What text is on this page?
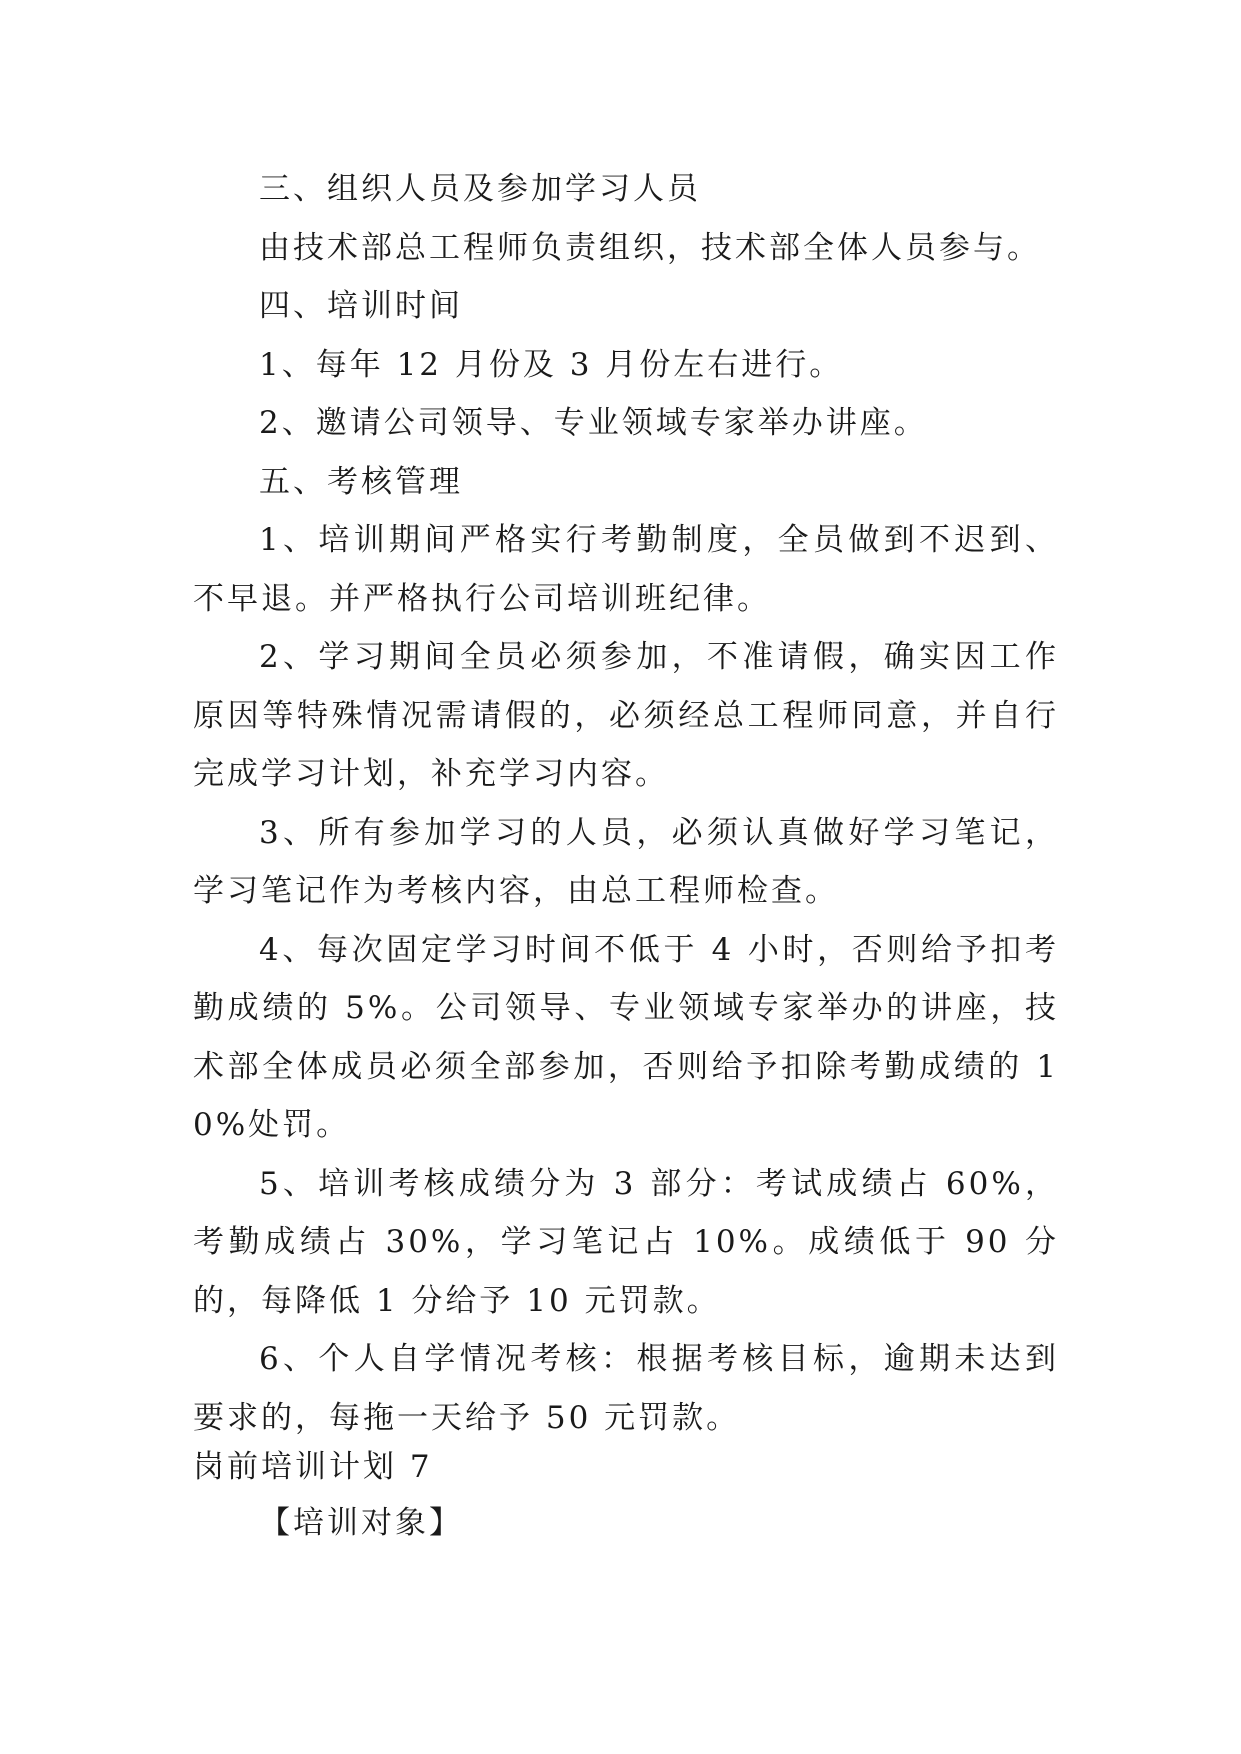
三、组织人员及参加学习人员

由技术部总工程师负责组织，技术部全体人员参与。

四、培训时间

1、每年 12 月份及 3 月份左右进行。

2、邀请公司领导、专业领域专家举办讲座。

五、考核管理

1、培训期间严格实行考勤制度，全员做到不迟到、不早退。并严格执行公司培训班纪律。

2、学习期间全员必须参加，不准请假，确实因工作原因等特殊情况需请假的，必须经总工程师同意，并自行完成学习计划，补充学习内容。

3、所有参加学习的人员，必须认真做好学习笔记，学习笔记作为考核内容，由总工程师检查。

4、每次固定学习时间不低于 4 小时，否则给予扣考勤成绩的 5%。公司领导、专业领域专家举办的讲座，技术部全体成员必须全部参加，否则给予扣除考勤成绩的 10%处罚。

5、培训考核成绩分为 3 部分：考试成绩占 60%，考勤成绩占 30%，学习笔记占 10%。成绩低于 90 分的，每降低 1 分给予 10 元罚款。

6、个人自学情况考核：根据考核目标，逾期未达到要求的，每拖一天给予 50 元罚款。

岗前培训计划 7

【培训对象】
